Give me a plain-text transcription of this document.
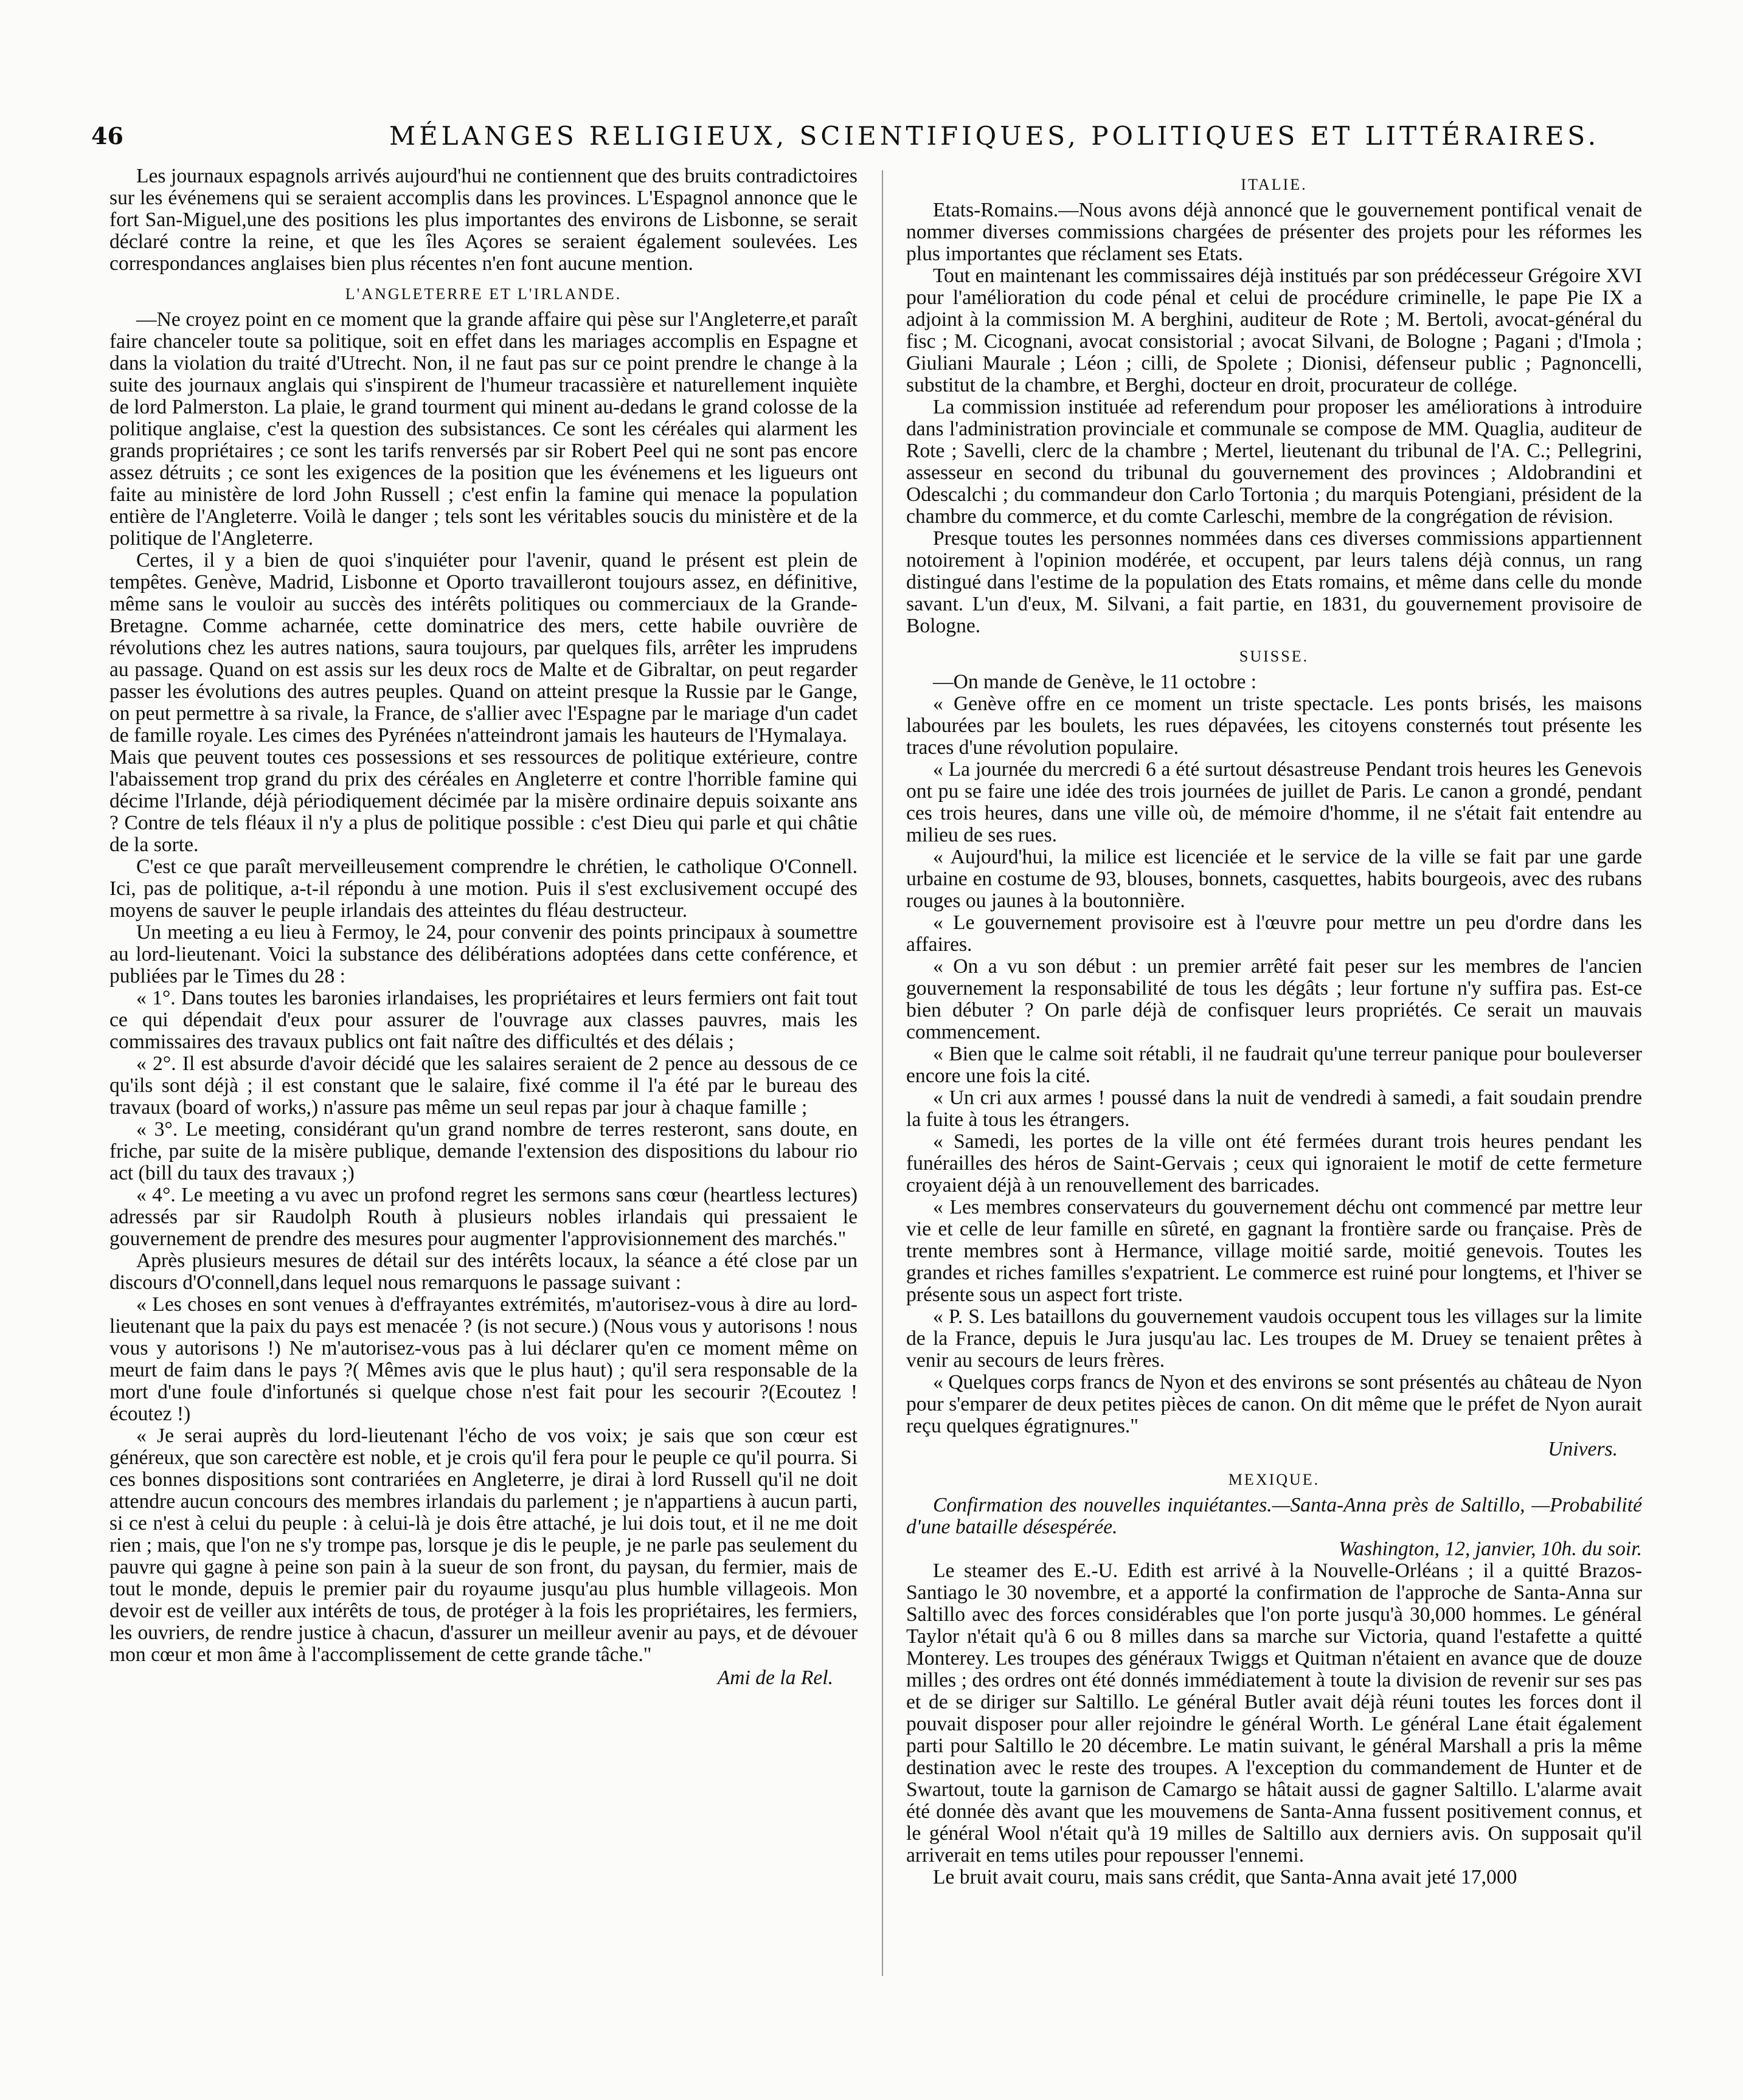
46	MÉLANGES RELIGIEUX, SCIENTIFIQUES, POLITIQUES ET LITTÉRAIRES.

Les journaux espagnols arrivés aujourd'hui ne contiennent que des bruits contradictoires sur les événemens qui se seraient accomplis dans les provinces. L'Espagnol annonce que le fort San-Miguel,une des positions les plus importantes des environs de Lisbonne, se serait déclaré contre la reine, et que les îles Açores se seraient également soulevées. Les correspondances anglaises bien plus récentes n'en font aucune mention.

L'ANGLETERRE ET L'IRLANDE.

—Ne croyez point en ce moment que la grande affaire qui pèse sur l'Angleterre,et paraît faire chanceler toute sa politique, soit en effet dans les mariages accomplis en Espagne et dans la violation du traité d'Utrecht. Non, il ne faut pas sur ce point prendre le change à la suite des journaux anglais qui s'inspirent de l'humeur tracassière et naturellement inquiète de lord Palmerston. La plaie, le grand tourment qui minent au-dedans le grand colosse de la politique anglaise, c'est la question des subsistances. Ce sont les céréales qui alarment les grands propriétaires ; ce sont les tarifs renversés par sir Robert Peel qui ne sont pas encore assez détruits ; ce sont les exigences de la position que les événemens et les ligueurs ont faite au ministère de lord John Russell ; c'est enfin la famine qui menace la population entière de l'Angleterre. Voilà le danger ; tels sont les véritables soucis du ministère et de la politique de l'Angleterre.

Certes, il y a bien de quoi s'inquiéter pour l'avenir, quand le présent est plein de tempêtes. Genève, Madrid, Lisbonne et Oporto travailleront toujours assez, en définitive, même sans le vouloir au succès des intérêts politiques ou commerciaux de la Grande-Bretagne. Comme acharnée, cette dominatrice des mers, cette habile ouvrière de révolutions chez les autres nations, saura toujours, par quelques fils, arrêter les imprudens au passage. Quand on est assis sur les deux rocs de Malte et de Gibraltar, on peut regarder passer les évolutions des autres peuples. Quand on atteint presque la Russie par le Gange, on peut permettre à sa rivale, la France, de s'allier avec l'Espagne par le mariage d'un cadet de famille royale. Les cimes des Pyrénées n'atteindront jamais les hauteurs de l'Hymalaya.

Mais que peuvent toutes ces possessions et ses ressources de politique extérieure, contre l'abaissement trop grand du prix des céréales en Angleterre et contre l'horrible famine qui décime l'Irlande, déjà périodiquement décimée par la misère ordinaire depuis soixante ans ? Contre de tels fléaux il n'y a plus de politique possible : c'est Dieu qui parle et qui châtie de la sorte.

C'est ce que paraît merveilleusement comprendre le chrétien, le catholique O'Connell. Ici, pas de politique, a-t-il répondu à une motion. Puis il s'est exclusivement occupé des moyens de sauver le peuple irlandais des atteintes du fléau destructeur.

Un meeting a eu lieu à Fermoy, le 24, pour convenir des points principaux à soumettre au lord-lieutenant. Voici la substance des délibérations adoptées dans cette conférence, et publiées par le Times du 28 :

« 1°. Dans toutes les baronies irlandaises, les propriétaires et leurs fermiers ont fait tout ce qui dépendait d'eux pour assurer de l'ouvrage aux classes pauvres, mais les commissaires des travaux publics ont fait naître des difficultés et des délais ;

« 2°. Il est absurde d'avoir décidé que les salaires seraient de 2 pence au dessous de ce qu'ils sont déjà ; il est constant que le salaire, fixé comme il l'a été par le bureau des travaux (board of works,) n'assure pas même un seul repas par jour à chaque famille ;

« 3°. Le meeting, considérant qu'un grand nombre de terres resteront, sans doute, en friche, par suite de la misère publique, demande l'extension des dispositions du labour rio act (bill du taux des travaux ;)

« 4°. Le meeting a vu avec un profond regret les sermons sans cœur (heartless lectures) adressés par sir Raudolph Routh à plusieurs nobles irlandais qui pressaient le gouvernement de prendre des mesures pour augmenter l'approvisionnement des marchés."

Après plusieurs mesures de détail sur des intérêts locaux, la séance a été close par un discours d'O'connell,dans lequel nous remarquons le passage suivant :

« Les choses en sont venues à d'effrayantes extrémités, m'autorisez-vous à dire au lord-lieutenant que la paix du pays est menacée ? (is not secure.) (Nous vous y autorisons ! nous vous y autorisons !) Ne m'autorisez-vous pas à lui déclarer qu'en ce moment même on meurt de faim dans le pays ?( Mêmes avis que le plus haut) ; qu'il sera responsable de la mort d'une foule d'infortunés si quelque chose n'est fait pour les secourir ?(Ecoutez ! écoutez !)

« Je serai auprès du lord-lieutenant l'écho de vos voix; je sais que son cœur est généreux, que son carectère est noble, et je crois qu'il fera pour le peuple ce qu'il pourra. Si ces bonnes dispositions sont contrariées en Angleterre, je dirai à lord Russell qu'il ne doit attendre aucun concours des membres irlandais du parlement ; je n'appartiens à aucun parti, si ce n'est à celui du peuple : à celui-là je dois être attaché, je lui dois tout, et il ne me doit rien ; mais, que l'on ne s'y trompe pas, lorsque je dis le peuple, je ne parle pas seulement du pauvre qui gagne à peine son pain à la sueur de son front, du paysan, du fermier, mais de tout le monde, depuis le premier pair du royaume jusqu'au plus humble villageois. Mon devoir est de veiller aux intérêts de tous, de protéger à la fois les propriétaires, les fermiers, les ouvriers, de rendre justice à chacun, d'assurer un meilleur avenir au pays, et de dévouer mon cœur et mon âme à l'accomplissement de cette grande tâche."

Ami de la Rel.

ITALIE.

Etats-Romains.—Nous avons déjà annoncé que le gouvernement pontifical venait de nommer diverses commissions chargées de présenter des projets pour les réformes les plus importantes que réclament ses Etats.

Tout en maintenant les commissaires déjà institués par son prédécesseur Grégoire XVI pour l'amélioration du code pénal et celui de procédure criminelle, le pape Pie IX a adjoint à la commission M. A berghini, auditeur de Rote ; M. Bertoli, avocat-général du fisc ; M. Cicognani, avocat consistorial ; avocat Silvani, de Bologne ; Pagani ; d'Imola ; Giuliani Maurale ; Léon ; cilli, de Spolete ; Dionisi, défenseur public ; Pagnoncelli, substitut de la chambre, et Berghi, docteur en droit, procurateur de collége.

La commission instituée ad referendum pour proposer les améliorations à introduire dans l'administration provinciale et communale se compose de MM. Quaglia, auditeur de Rote ; Savelli, clerc de la chambre ; Mertel, lieutenant du tribunal de l'A. C.; Pellegrini, assesseur en second du tribunal du gouvernement des provinces ; Aldobrandini et Odescalchi ; du commandeur don Carlo Tortonia ; du marquis Potengiani, président de la chambre du commerce, et du comte Carleschi, membre de la congrégation de révision.

Presque toutes les personnes nommées dans ces diverses commissions appartiennent notoirement à l'opinion modérée, et occupent, par leurs talens déjà connus, un rang distingué dans l'estime de la population des Etats romains, et même dans celle du monde savant. L'un d'eux, M. Silvani, a fait partie, en 1831, du gouvernement provisoire de Bologne.

SUISSE.

—On mande de Genève, le 11 octobre :

« Genève offre en ce moment un triste spectacle. Les ponts brisés, les maisons labourées par les boulets, les rues dépavées, les citoyens consternés tout présente les traces d'une révolution populaire.

« La journée du mercredi 6 a été surtout désastreuse Pendant trois heures les Genevois ont pu se faire une idée des trois journées de juillet de Paris. Le canon a grondé, pendant ces trois heures, dans une ville où, de mémoire d'homme, il ne s'était fait entendre au milieu de ses rues.

« Aujourd'hui, la milice est licenciée et le service de la ville se fait par une garde urbaine en costume de 93, blouses, bonnets, casquettes, habits bourgeois, avec des rubans rouges ou jaunes à la boutonnière.

« Le gouvernement provisoire est à l'œuvre pour mettre un peu d'ordre dans les affaires.

« On a vu son début : un premier arrêté fait peser sur les membres de l'ancien gouvernement la responsabilité de tous les dégâts ; leur fortune n'y suffira pas. Est-ce bien débuter ? On parle déjà de confisquer leurs propriétés. Ce serait un mauvais commencement.

« Bien que le calme soit rétabli, il ne faudrait qu'une terreur panique pour bouleverser encore une fois la cité.

« Un cri aux armes ! poussé dans la nuit de vendredi à samedi, a fait soudain prendre la fuite à tous les étrangers.

« Samedi, les portes de la ville ont été fermées durant trois heures pendant les funérailles des héros de Saint-Gervais ; ceux qui ignoraient le motif de cette fermeture croyaient déjà à un renouvellement des barricades.

« Les membres conservateurs du gouvernement déchu ont commencé par mettre leur vie et celle de leur famille en sûreté, en gagnant la frontière sarde ou française. Près de trente membres sont à Hermance, village moitié sarde, moitié genevois. Toutes les grandes et riches familles s'expatrient. Le commerce est ruiné pour longtems, et l'hiver se présente sous un aspect fort triste.

« P. S. Les bataillons du gouvernement vaudois occupent tous les villages sur la limite de la France, depuis le Jura jusqu'au lac. Les troupes de M. Druey se tenaient prêtes à venir au secours de leurs frères.

« Quelques corps francs de Nyon et des environs se sont présentés au château de Nyon pour s'emparer de deux petites pièces de canon. On dit même que le préfet de Nyon aurait reçu quelques égratignures."

Univers.

MEXIQUE.

Confirmation des nouvelles inquiétantes.—Santa-Anna près de Saltillo, —Probabilité d'une bataille désespérée.

Washington, 12, janvier, 10h. du soir.

Le steamer des E.-U. Edith est arrivé à la Nouvelle-Orléans ; il a quitté Brazos-Santiago le 30 novembre, et a apporté la confirmation de l'approche de Santa-Anna sur Saltillo avec des forces considérables que l'on porte jusqu'à 30,000 hommes. Le général Taylor n'était qu'à 6 ou 8 milles dans sa marche sur Victoria, quand l'estafette a quitté Monterey. Les troupes des généraux Twiggs et Quitman n'étaient en avance que de douze milles ; des ordres ont été donnés immédiatement à toute la division de revenir sur ses pas et de se diriger sur Saltillo. Le général Butler avait déjà réuni toutes les forces dont il pouvait disposer pour aller rejoindre le général Worth. Le général Lane était également parti pour Saltillo le 20 décembre. Le matin suivant, le général Marshall a pris la même destination avec le reste des troupes. A l'exception du commandement de Hunter et de Swartout, toute la garnison de Camargo se hâtait aussi de gagner Saltillo. L'alarme avait été donnée dès avant que les mouvemens de Santa-Anna fussent positivement connus, et le général Wool n'était qu'à 19 milles de Saltillo aux derniers avis. On supposait qu'il arriverait en tems utiles pour repousser l'ennemi.

Le bruit avait couru, mais sans crédit, que Santa-Anna avait jeté 17,000
